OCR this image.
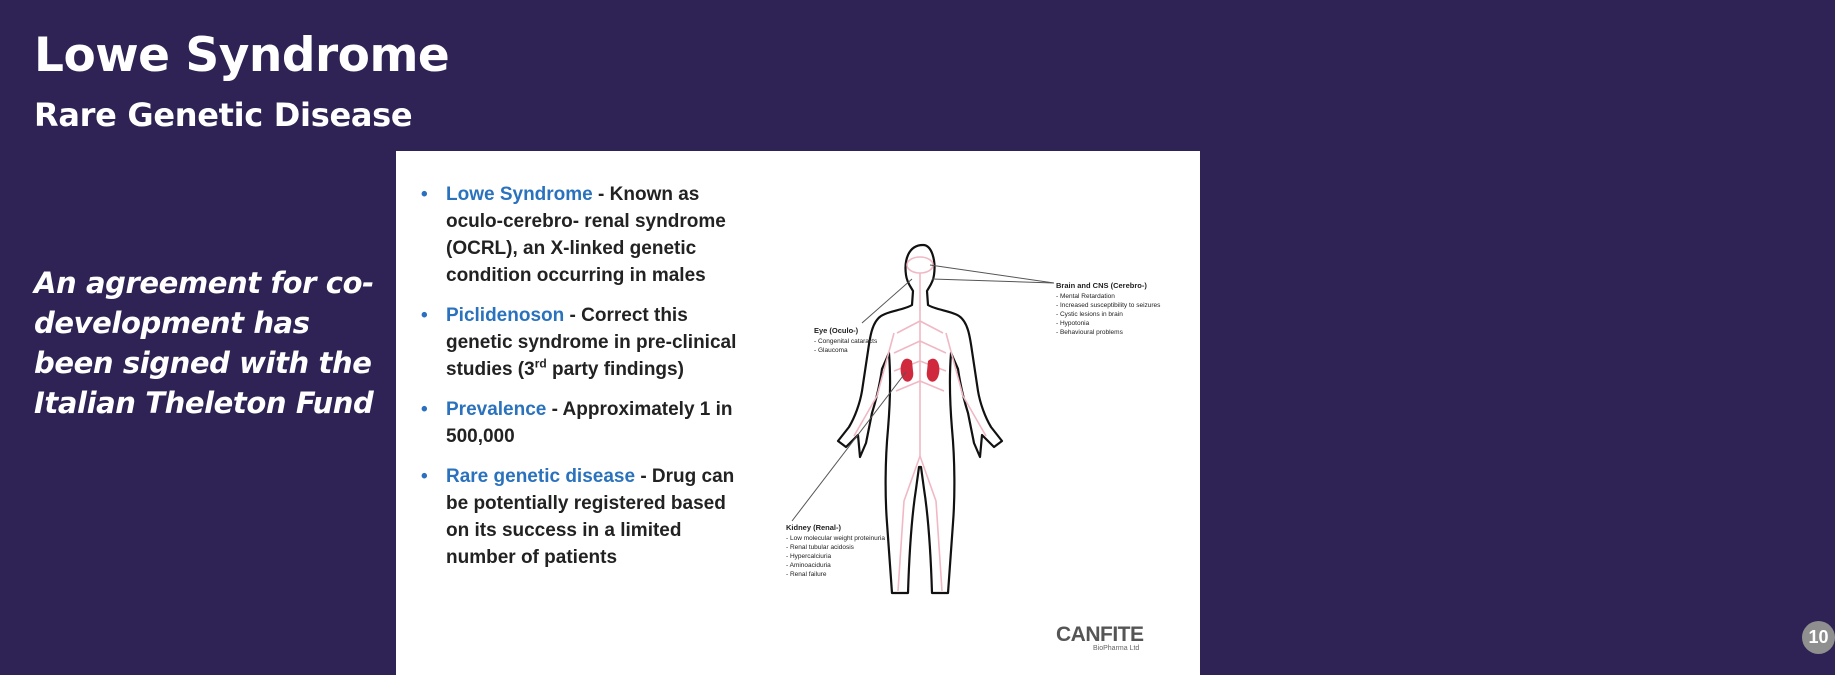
Lowe Syndrome
Rare Genetic Disease
An agreement for co-development has been signed with the Italian Theleton Fund
• Lowe Syndrome - Known as oculo-cerebro- renal syndrome (OCRL), an X-linked genetic condition occurring in males
• Piclidenoson - Correct this genetic syndrome in pre-clinical studies (3rd party findings)
• Prevalence - Approximately 1 in 500,000
• Rare genetic disease - Drug can be potentially registered based on its success in a limited number of patients
Brain and CNS (Cerebro-)
- Mental Retardation
- Increased susceptibility to seizures
- Cystic lesions in brain
- Hypotonia
- Behavioural problems
Eye (Oculo-)
- Congenital cataracts
- Glaucoma
Kidney (Renal-)
- Low molecular weight proteinuria
- Renal tubular acidosis
- Hypercalciuria
- Aminoaciduria
- Renal failure
CANFITE
BioPharma Ltd
10
